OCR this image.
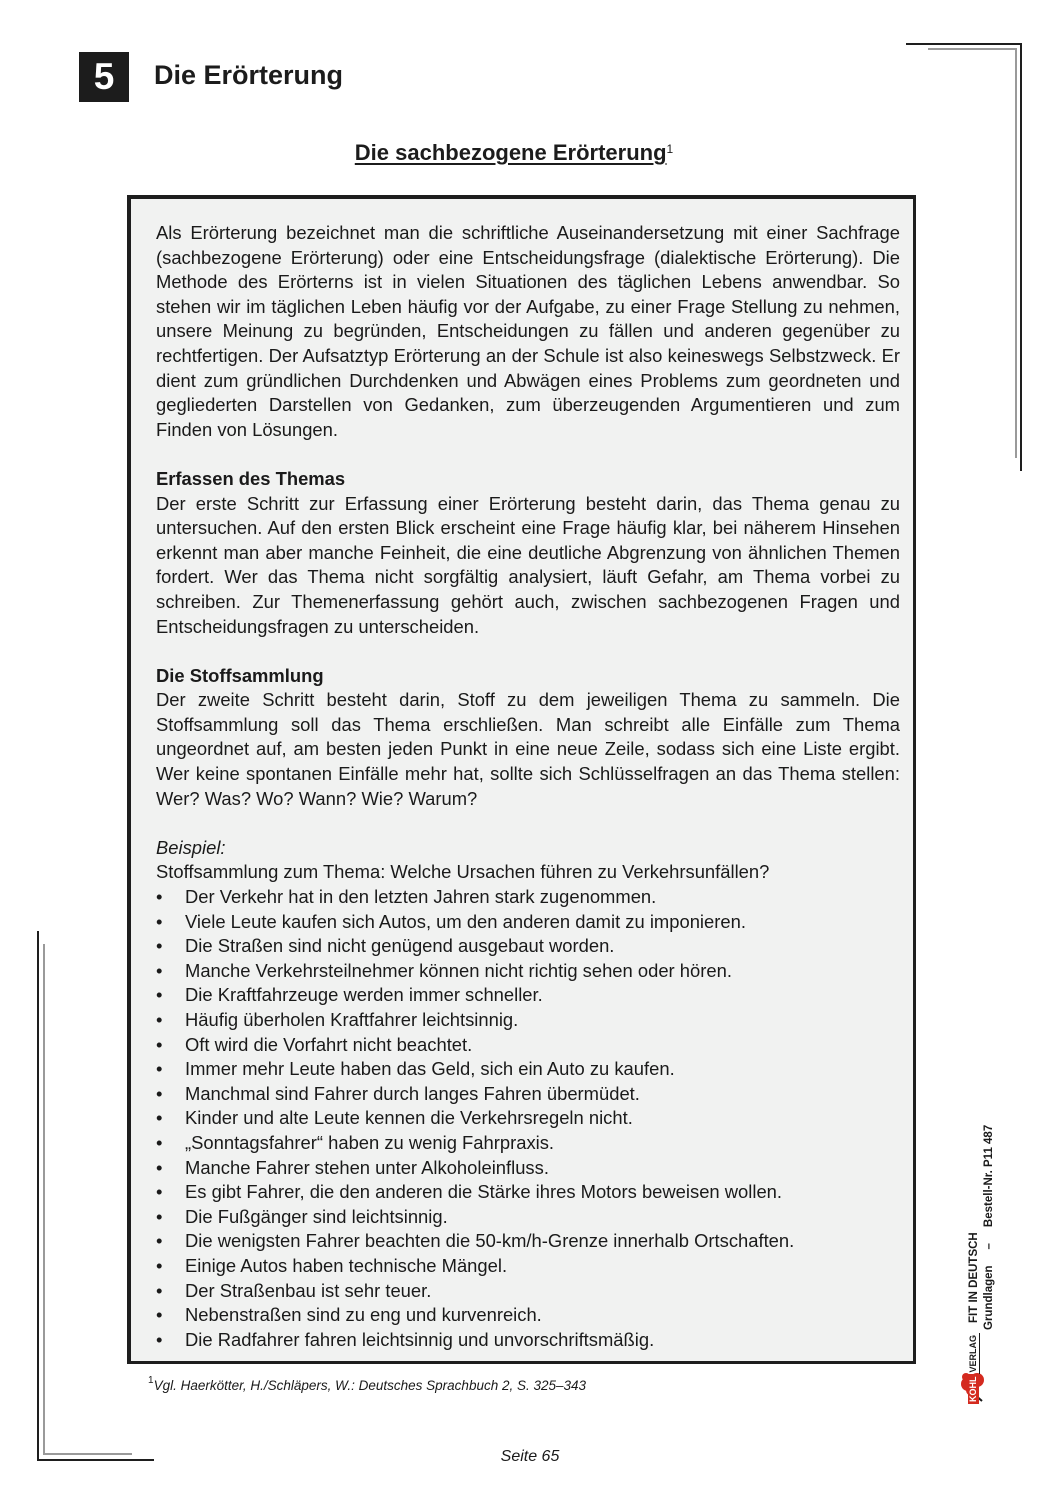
5	Die Erörterung
Die sachbezogene Erörterung$^1$

Als Erörterung bezeichnet man die schriftliche Auseinandersetzung mit einer Sachfrage (sachbezogene Erörterung) oder eine Entscheidungsfrage (dialektische Erörterung). Die Methode des Erörterns ist in vielen Situationen des täglichen Lebens anwendbar. So stehen wir im täglichen Leben häufig vor der Aufgabe, zu einer Frage Stellung zu nehmen, unsere Meinung zu begründen, Entscheidungen zu fällen und anderen gegenüber zu rechtfertigen. Der Aufsatztyp Erörterung an der Schule ist also keineswegs Selbstzweck. Er dient zum gründlichen Durchdenken und Abwägen eines Problems zum geordneten und gegliederten Darstellen von Gedanken, zum überzeugenden Argumentieren und zum Finden von Lösungen.

Erfassen des Themas

Der erste Schritt zur Erfassung einer Erörterung besteht darin, das Thema genau zu untersuchen. Auf den ersten Blick erscheint eine Frage häufig klar, bei näherem Hinsehen erkennt man aber manche Feinheit, die eine deutliche Abgrenzung von ähnlichen Themen fordert. Wer das Thema nicht sorgfältig analysiert, läuft Gefahr, am Thema vorbei zu schreiben. Zur Themenerfassung gehört auch, zwischen sachbezogenen Fragen und Entscheidungsfragen zu unterscheiden.

Die Stoffsammlung

Der zweite Schritt besteht darin, Stoff zu dem jeweiligen Thema zu sammeln. Die Stoffsammlung soll das Thema erschließen. Man schreibt alle Einfälle zum Thema ungeordnet auf, am besten jeden Punkt in eine neue Zeile, sodass sich eine Liste ergibt. Wer keine spontanen Einfälle mehr hat, sollte sich Schlüsselfragen an das Thema stellen: Wer? Was? Wo? Wann? Wie? Warum?

Beispiel:

Stoffsammlung zum Thema: Welche Ursachen führen zu Verkehrsunfällen?

• Der Verkehr hat in den letzten Jahren stark zugenommen.
• Viele Leute kaufen sich Autos, um den anderen damit zu imponieren.
• Die Straßen sind nicht genügend ausgebaut worden.
• Manche Verkehrsteilnehmer können nicht richtig sehen oder hören.
• Die Kraftfahrzeuge werden immer schneller.
• Häufig überholen Kraftfahrer leichtsinnig.
• Oft wird die Vorfahrt nicht beachtet.
• Immer mehr Leute haben das Geld, sich ein Auto zu kaufen.
• Manchmal sind Fahrer durch langes Fahren übermüdet.
• Kinder und alte Leute kennen die Verkehrsregeln nicht.
• „Sonntagsfahrer“ haben zu wenig Fahrpraxis.
• Manche Fahrer stehen unter Alkoholeinfluss.
• Es gibt Fahrer, die den anderen die Stärke ihres Motors beweisen wollen.
• Die Fußgänger sind leichtsinnig.
• Die wenigsten Fahrer beachten die 50-km/h-Grenze innerhalb Ortschaften.
• Einige Autos haben technische Mängel.
• Der Straßenbau ist sehr teuer.
• Nebenstraßen sind zu eng und kurvenreich.
• Die Radfahrer fahren leichtsinnig und unvorschriftsmäßig.
$^1$Vgl. Haerkötter, H./Schläpers, W.: Deutsches Sprachbuch 2, S. 325–343
Seite 65
KOHL
VERLAG
FIT IN DEUTSCH Grundlagen
–
Bestell-Nr. P11 487
